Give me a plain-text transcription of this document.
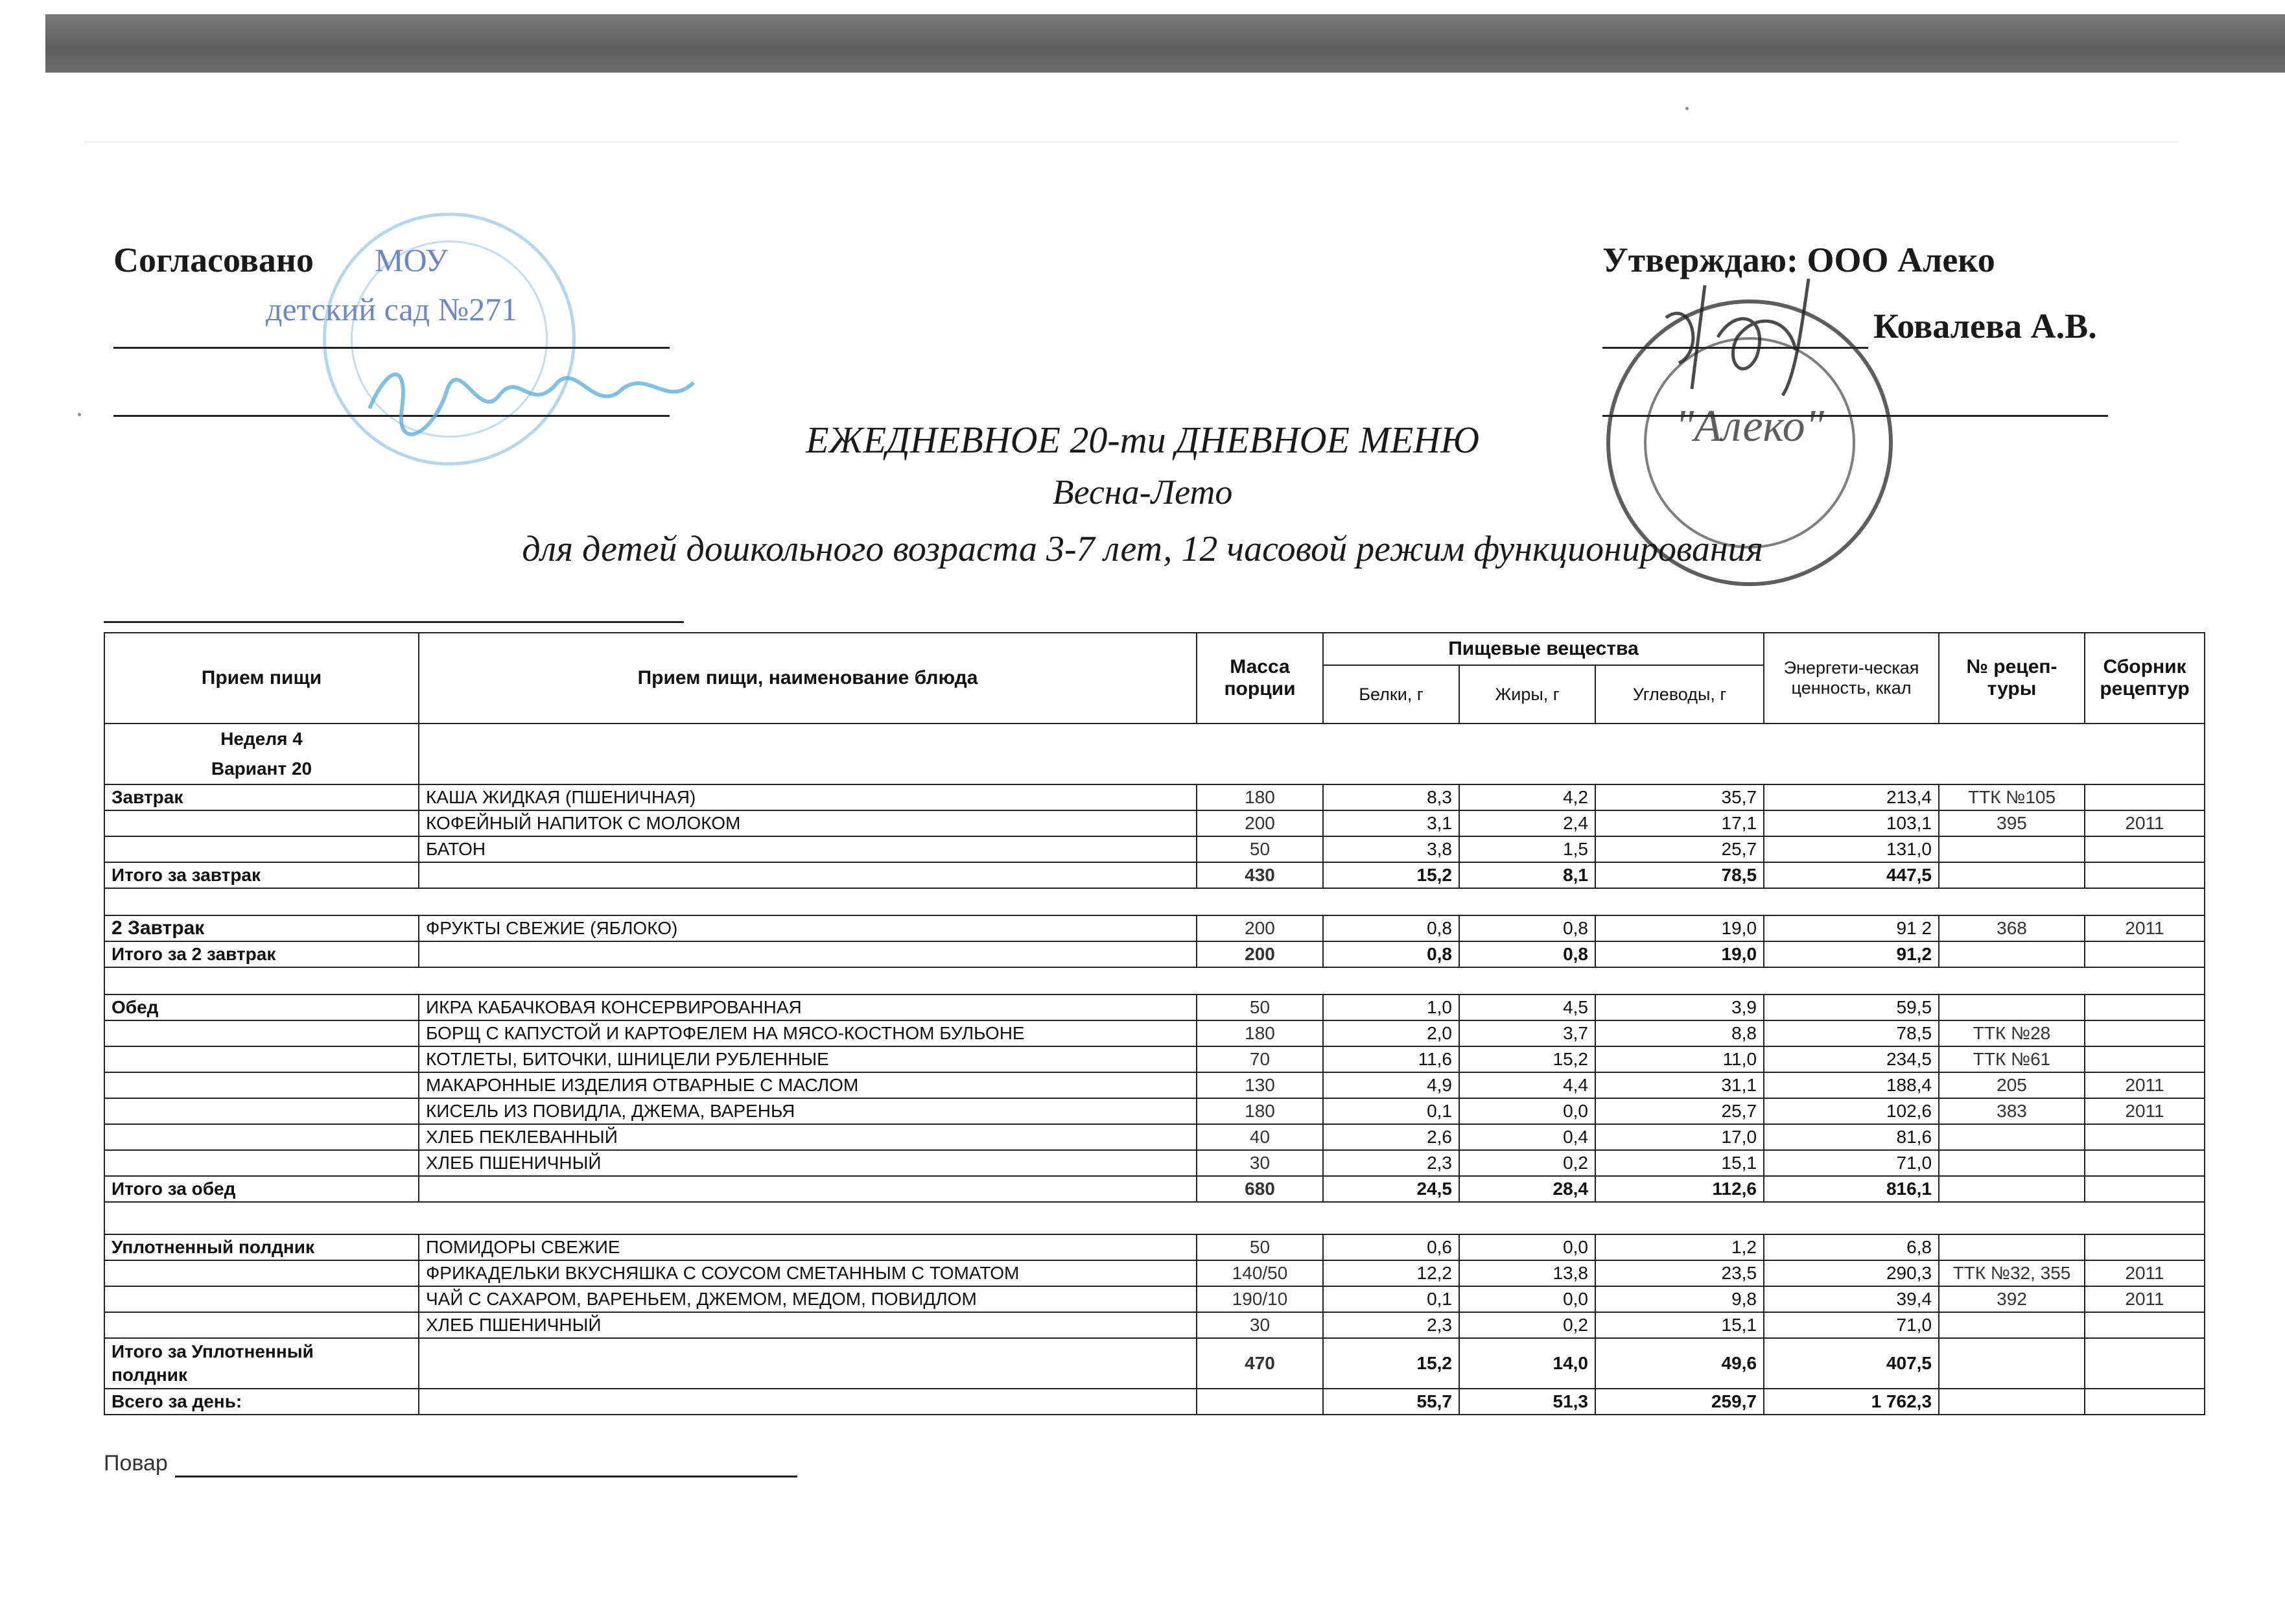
Согласовано МОУ
детский сад №271
Утверждаю: ООО Алеко
Ковалева А.В.
"Алеко"
ЕЖЕДНЕВНОЕ 20-ти ДНЕВНОЕ МЕНЮ
Весна-Лето
для детей дошкольного возраста 3-7 лет, 12 часовой режим функционирования
Прием пищи	Прием пищи, наименование блюда	Масса порции	Пищевые вещества			Энергети-ческая ценность, ккал	№ рецеп-туры	Сборник рецептур
			Белки, г	Жиры, г	Углеводы, г			

Неделя 4
Вариант 20								

Завтрак	КАША ЖИДКАЯ (ПШЕНИЧНАЯ)	180	8,3	4,2	35,7	213,4	ТТК №105	
	КОФЕЙНЫЙ НАПИТОК С МОЛОКОМ	200	3,1	2,4	17,1	103,1	395	2011
	БАТОН	50	3,8	1,5	25,7	131,0		
Итого за завтрак		430	15,2	8,1	78,5	447,5		

2 Завтрак	ФРУКТЫ СВЕЖИЕ (ЯБЛОКО)	200	0,8	0,8	19,0	91 2	368	2011
Итого за 2 завтрак		200	0,8	0,8	19,0	91,2		

Обед	ИКРА КАБАЧКОВАЯ КОНСЕРВИРОВАННАЯ	50	1,0	4,5	3,9	59,5		
	БОРЩ С КАПУСТОЙ И КАРТОФЕЛЕМ НА МЯСО-КОСТНОМ БУЛЬОНЕ	180	2,0	3,7	8,8	78,5	ТТК №28	
	КОТЛЕТЫ, БИТОЧКИ, ШНИЦЕЛИ РУБЛЕННЫЕ	70	11,6	15,2	11,0	234,5	ТТК №61	
	МАКАРОННЫЕ ИЗДЕЛИЯ ОТВАРНЫЕ С МАСЛОМ	130	4,9	4,4	31,1	188,4	205	2011
	КИСЕЛЬ ИЗ ПОВИДЛА, ДЖЕМА, ВАРЕНЬЯ	180	0,1	0,0	25,7	102,6	383	2011
	ХЛЕБ ПЕКЛЕВАННЫЙ	40	2,6	0,4	17,0	81,6		
	ХЛЕБ ПШЕНИЧНЫЙ	30	2,3	0,2	15,1	71,0		
Итого за обед		680	24,5	28,4	112,6	816,1		

Уплотненный полдник	ПОМИДОРЫ СВЕЖИЕ	50	0,6	0,0	1,2	6,8		
	ФРИКАДЕЛЬКИ ВКУСНЯШКА С СОУСОМ СМЕТАННЫМ С ТОМАТОМ	140/50	12,2	13,8	23,5	290,3	ТТК №32, 355	2011
	ЧАЙ С САХАРОМ, ВАРЕНЬЕМ, ДЖЕМОМ, МЕДОМ, ПОВИДЛОМ	190/10	0,1	0,0	9,8	39,4	392	2011
	ХЛЕБ ПШЕНИЧНЫЙ	30	2,3	0,2	15,1	71,0		

Итого за Уплотненный
полдник		470	15,2	14,0	49,6	407,5		
Всего за день:			55,7	51,3	259,7	1 762,3		
Повар
